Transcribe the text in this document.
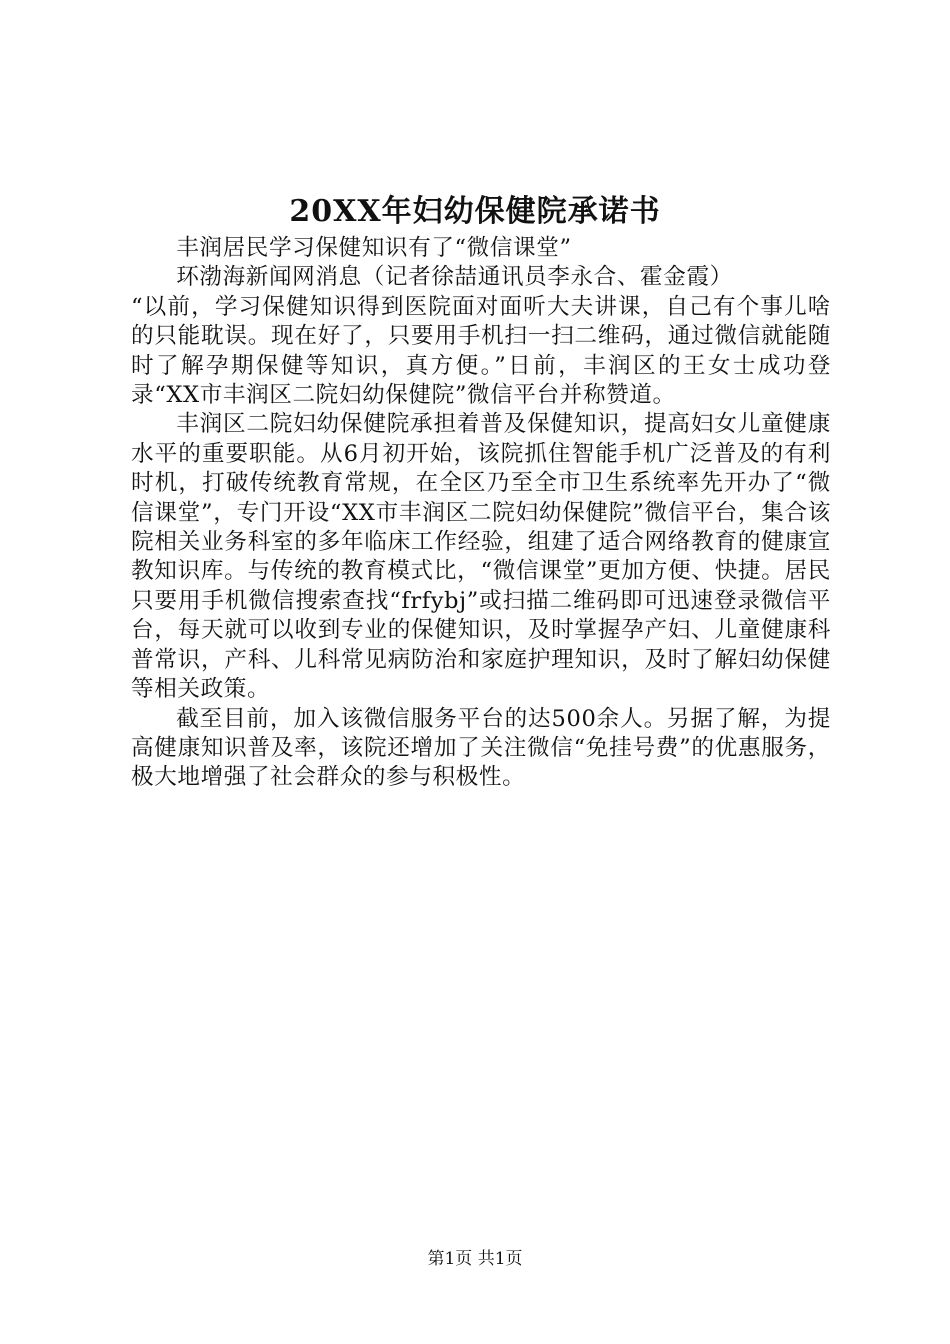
20XX年妇幼保健院承诺书

丰润居民学习保健知识有了“微信课堂”

环渤海新闻网消息（记者徐喆通讯员李永合、霍金霞）

“以前，学习保健知识得到医院面对面听大夫讲课，自己有个事儿啥的只能耽误。现在好了，只要用手机扫一扫二维码，通过微信就能随时了解孕期保健等知识，真方便。”日前，丰润区的王女士成功登录“XX市丰润区二院妇幼保健院”微信平台并称赞道。

丰润区二院妇幼保健院承担着普及保健知识，提高妇女儿童健康水平的重要职能。从6月初开始，该院抓住智能手机广泛普及的有利时机，打破传统教育常规，在全区乃至全市卫生系统率先开办了“微信课堂”，专门开设“XX市丰润区二院妇幼保健院”微信平台，集合该院相关业务科室的多年临床工作经验，组建了适合网络教育的健康宣教知识库。与传统的教育模式比，“微信课堂”更加方便、快捷。居民只要用手机微信搜索查找“frfybj”或扫描二维码即可迅速登录微信平台，每天就可以收到专业的保健知识，及时掌握孕产妇、儿童健康科普常识，产科、儿科常见病防治和家庭护理知识，及时了解妇幼保健等相关政策。

截至目前，加入该微信服务平台的达500余人。另据了解，为提高健康知识普及率，该院还增加了关注微信“免挂号费”的优惠服务，极大地增强了社会群众的参与积极性。

第1页 共1页
